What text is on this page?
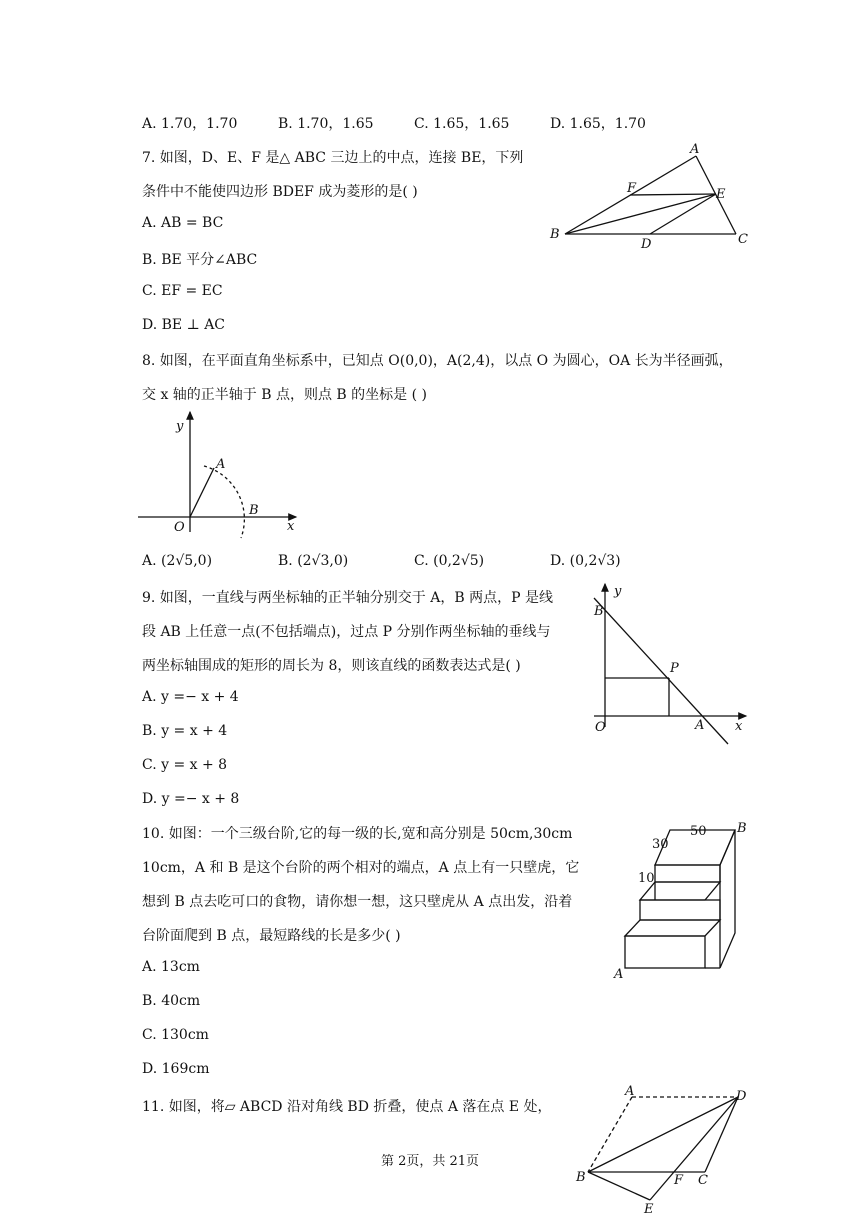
A. 1.70，1.70	B. 1.70，1.65	C. 1.65，1.65	D. 1.65，1.70
7. 如图，D、E、F 是△ ABC 三边上的中点，连接 BE，下列
条件中不能使四边形 BDEF 成为菱形的是( )
A. AB = BC
B. BE 平分∠ABC
C. EF = EC
D. BE ⊥ AC
A
B	C
D
E
F
8. 如图，在平面直角坐标系中，已知点 O(0,0)，A(2,4)，以点 O 为圆心，OA 长为半径画弧，
交 x 轴的正半轴于 B 点，则点 B 的坐标是 ( )
y
x
O
A
B
A. (2√5,0)	B. (2√3,0)	C. (0,2√5)	D. (0,2√3)
9. 如图，一直线与两坐标轴的正半轴分别交于 A，B 两点，P 是线
段 AB 上任意一点(不包括端点)，过点 P 分别作两坐标轴的垂线与
两坐标轴围成的矩形的周长为 8，则该直线的函数表达式是( )
A. y =− x + 4
B. y = x + 4
C. y = x + 8
D. y =− x + 8
y
x
O
B
A
P
10. 如图：一个三级台阶,它的每一级的长,宽和高分别是 50cm,30cm
10cm，A 和 B 是这个台阶的两个相对的端点，A 点上有一只壁虎，它
想到 B 点去吃可口的食物，请你想一想，这只壁虎从 A 点出发，沿着
台阶面爬到 B 点，最短路线的长是多少( )
A. 13cm
B. 40cm
C. 130cm
D. 169cm
30
50
10
A
B
11. 如图，将▱ ABCD 沿对角线 BD 折叠，使点 A 落在点 E 处，
A	D
B	F C
E
第 2页，共 21页
